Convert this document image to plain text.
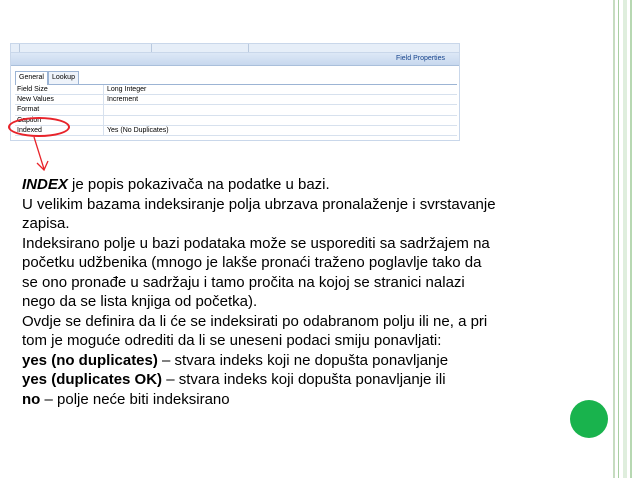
Field Properties
General	Lookup
Field Size	Long Integer
New Values	Increment
Format
Caption
Indexed	Yes (No Duplicates)

INDEX je popis pokazivača na podatke u bazi.

U velikim bazama indeksiranje polja ubrzava pronalaženje i svrstavanje

zapisa.

Indeksirano polje u bazi podataka može se usporediti sa sadržajem na

početku udžbenika (mnogo je lakše pronaći traženo poglavlje tako da

se ono pronađe u sadržaju i tamo pročita na kojoj se stranici nalazi

nego da se lista knjiga od početka).

Ovdje se definira da li će se indeksirati po odabranom polju ili ne, a pri

tom je moguće odrediti da li se uneseni podaci smiju ponavljati:

yes (no duplicates) – stvara indeks koji ne dopušta ponavljanje

yes (duplicates OK) – stvara indeks koji dopušta ponavljanje ili

no – polje neće biti indeksirano
